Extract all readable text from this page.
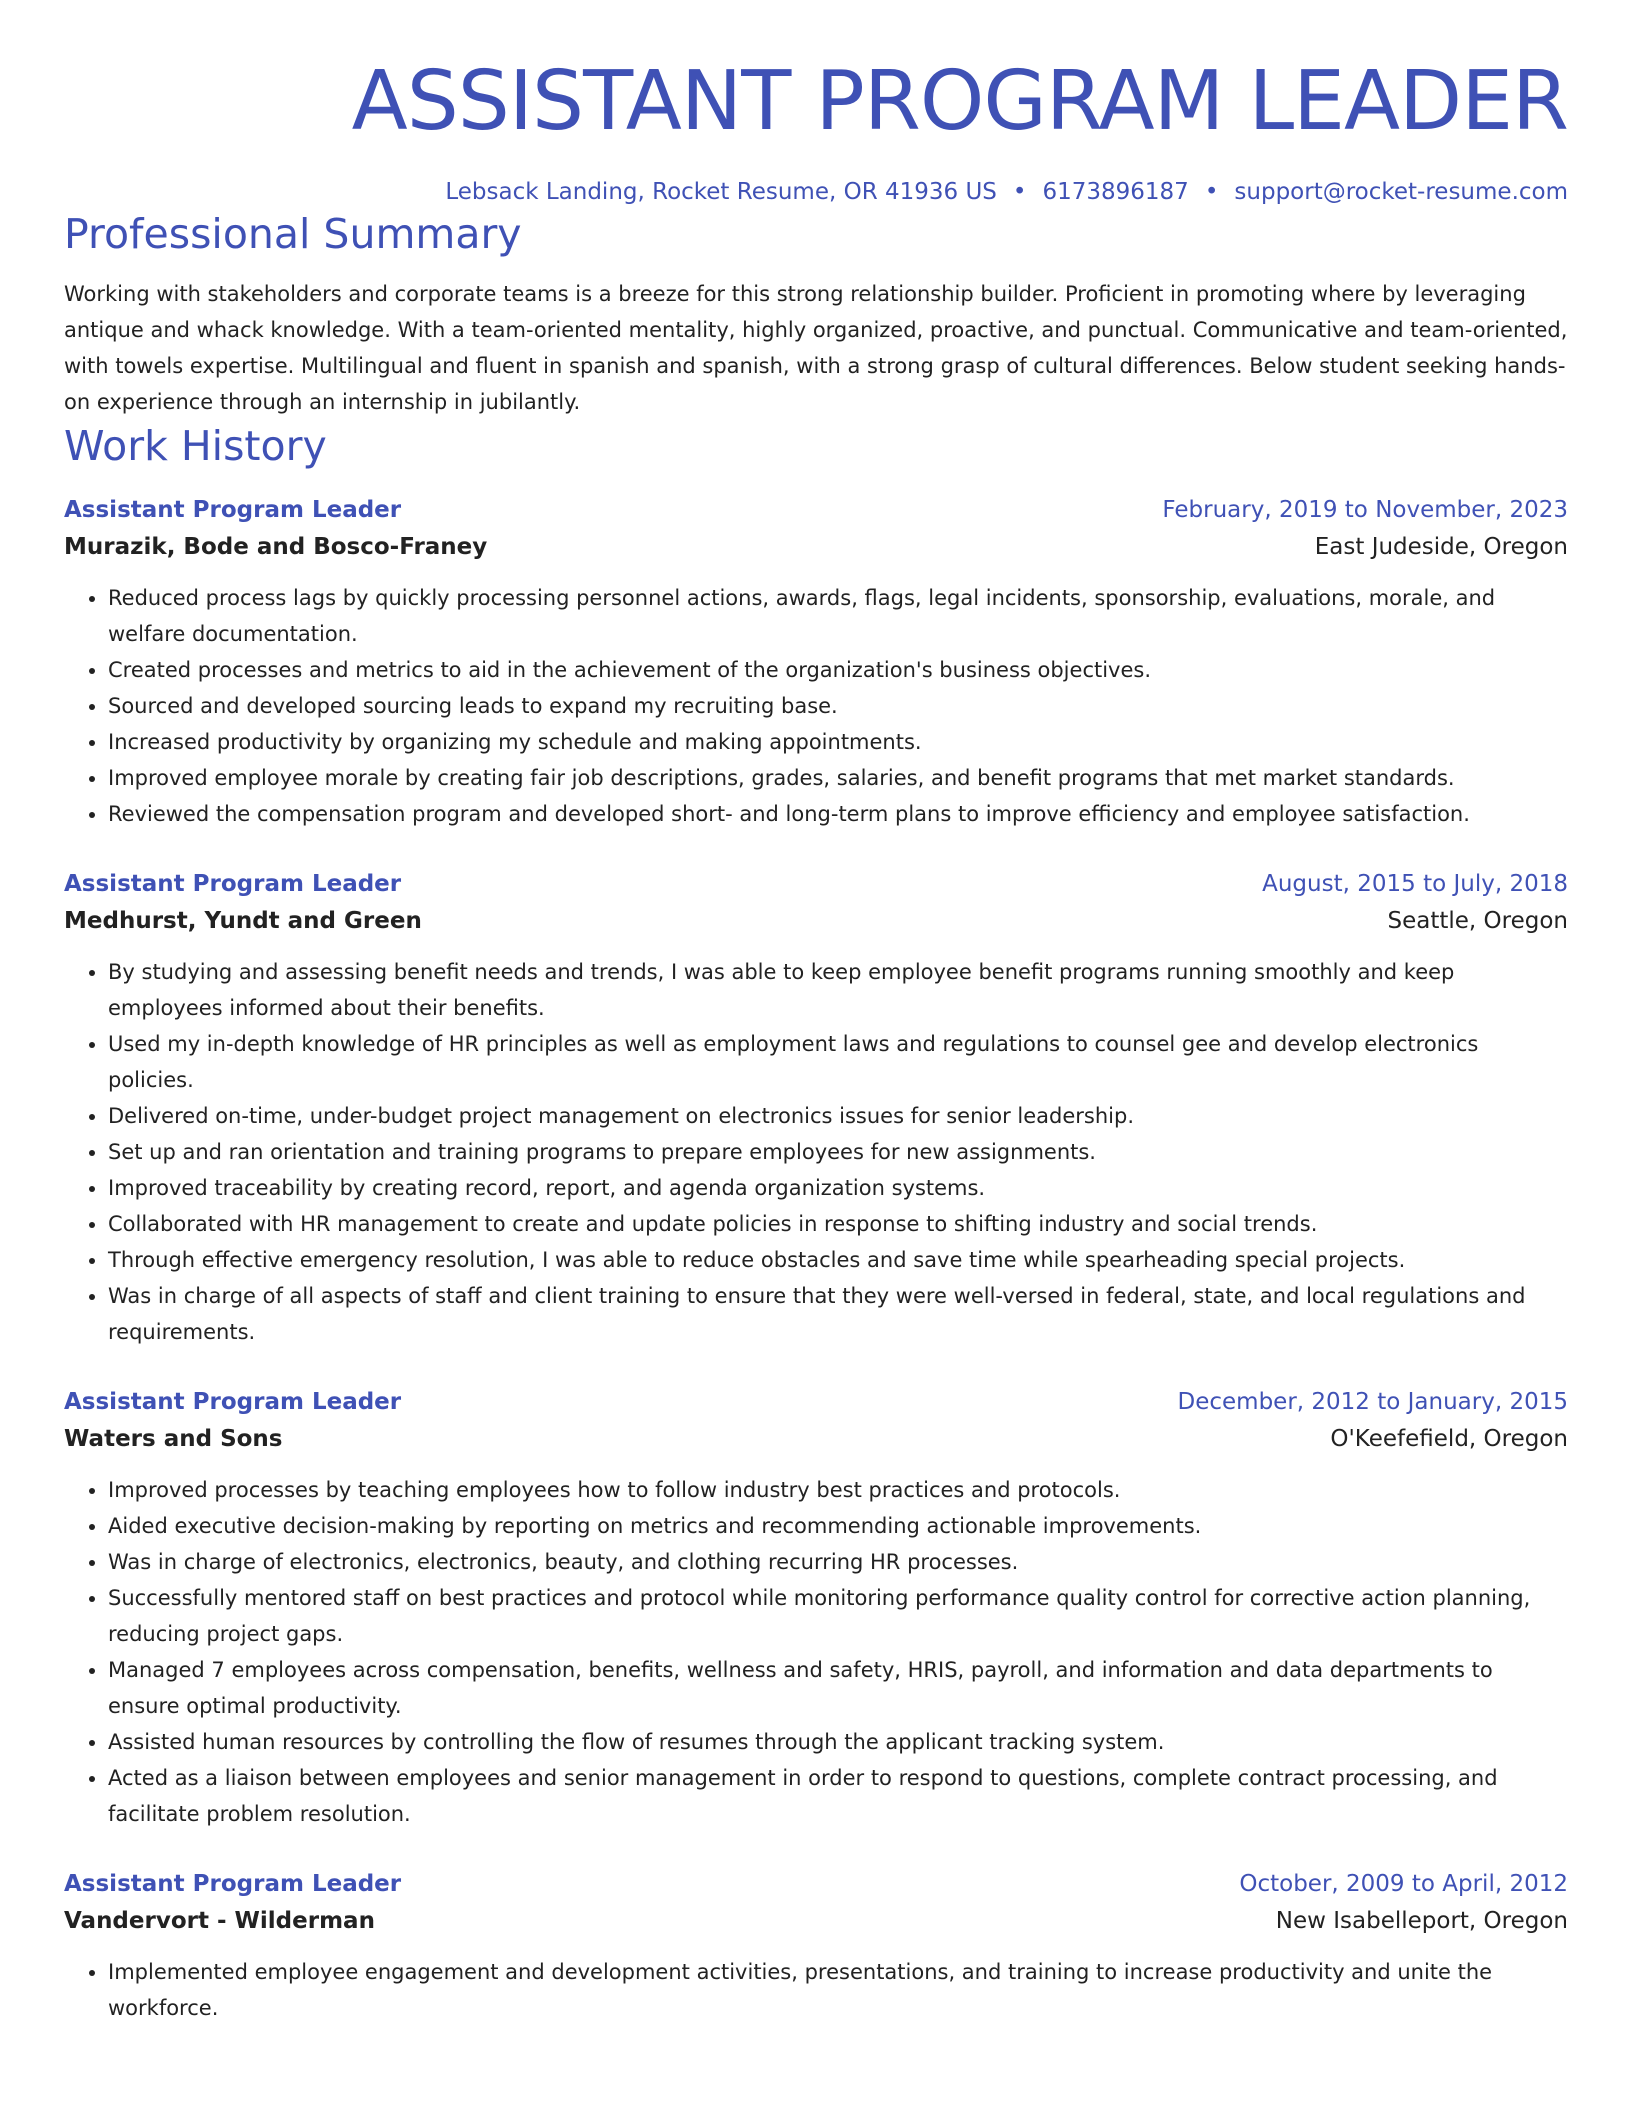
ASSISTANT PROGRAM LEADER
Lebsack Landing, Rocket Resume, OR 41936 US • 6173896187 • support@rocket-resume.com
Professional Summary
Working with stakeholders and corporate teams is a breeze for this strong relationship builder. Proficient in promoting where by leveraging antique and whack knowledge. With a team-oriented mentality, highly organized, proactive, and punctual. Communicative and team-oriented, with towels expertise. Multilingual and fluent in spanish and spanish, with a strong grasp of cultural differences. Below student seeking hands-on experience through an internship in jubilantly.
Work History
Assistant Program Leader	February, 2019 to November, 2023
Murazik, Bode and Bosco-Franey	East Judeside, Oregon
• Reduced process lags by quickly processing personnel actions, awards, flags, legal incidents, sponsorship, evaluations, morale, and welfare documentation.
• Created processes and metrics to aid in the achievement of the organization's business objectives.
• Sourced and developed sourcing leads to expand my recruiting base.
• Increased productivity by organizing my schedule and making appointments.
• Improved employee morale by creating fair job descriptions, grades, salaries, and benefit programs that met market standards.
• Reviewed the compensation program and developed short- and long-term plans to improve efficiency and employee satisfaction.
Assistant Program Leader	August, 2015 to July, 2018
Medhurst, Yundt and Green	Seattle, Oregon
• By studying and assessing benefit needs and trends, I was able to keep employee benefit programs running smoothly and keep employees informed about their benefits.
• Used my in-depth knowledge of HR principles as well as employment laws and regulations to counsel gee and develop electronics policies.
• Delivered on-time, under-budget project management on electronics issues for senior leadership.
• Set up and ran orientation and training programs to prepare employees for new assignments.
• Improved traceability by creating record, report, and agenda organization systems.
• Collaborated with HR management to create and update policies in response to shifting industry and social trends.
• Through effective emergency resolution, I was able to reduce obstacles and save time while spearheading special projects.
• Was in charge of all aspects of staff and client training to ensure that they were well-versed in federal, state, and local regulations and requirements.
Assistant Program Leader	December, 2012 to January, 2015
Waters and Sons	O'Keefefield, Oregon
• Improved processes by teaching employees how to follow industry best practices and protocols.
• Aided executive decision-making by reporting on metrics and recommending actionable improvements.
• Was in charge of electronics, electronics, beauty, and clothing recurring HR processes.
• Successfully mentored staff on best practices and protocol while monitoring performance quality control for corrective action planning, reducing project gaps.
• Managed 7 employees across compensation, benefits, wellness and safety, HRIS, payroll, and information and data departments to ensure optimal productivity.
• Assisted human resources by controlling the flow of resumes through the applicant tracking system.
• Acted as a liaison between employees and senior management in order to respond to questions, complete contract processing, and facilitate problem resolution.
Assistant Program Leader	October, 2009 to April, 2012
Vandervort - Wilderman	New Isabelleport, Oregon
• Implemented employee engagement and development activities, presentations, and training to increase productivity and unite the workforce.
